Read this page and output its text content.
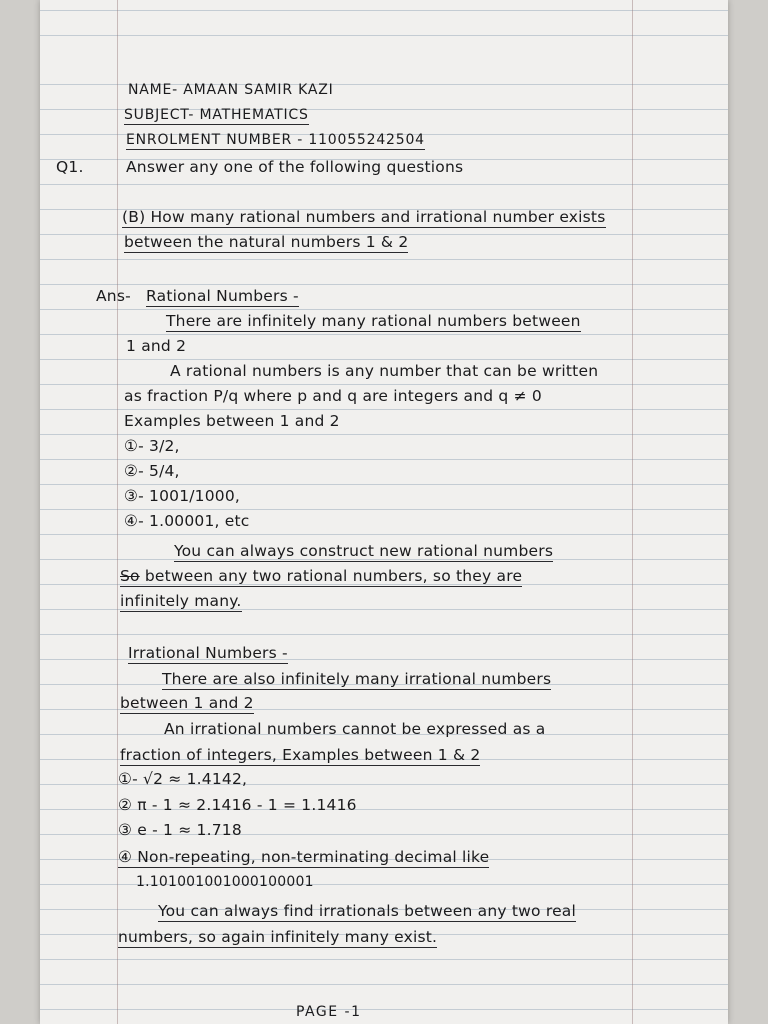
NAME- AMAAN SAMIR KAZI
SUBJECT- MATHEMATICS
ENROLMENT NUMBER - 110055242504
Q1.	Answer any one of the following questions
(B) How many rational numbers and irrational number exists
between the natural numbers 1 & 2
Ans- Rational Numbers -
There are infinitely many rational numbers between
1 and 2
A rational numbers is any number that can be written
as fraction P/q where p and q are integers and q ≠ 0
Examples between 1 and 2
①- 3/2,
②- 5/4,
③- 1001/1000,
④- 1.00001, etc
You can always construct new rational numbers
So between any two rational numbers, so they are
infinitely many.
Irrational Numbers -
There are also infinitely many irrational numbers
between 1 and 2
An irrational numbers cannot be expressed as a
fraction of integers, Examples between 1 & 2
①- √2 ≈ 1.4142,
② π - 1 ≈ 2.1416 - 1 = 1.1416
③ e - 1 ≈ 1.718
④ Non-repeating, non-terminating decimal like
1.101001001000100001
You can always find irrationals between any two real
numbers, so again infinitely many exist.
PAGE -1
